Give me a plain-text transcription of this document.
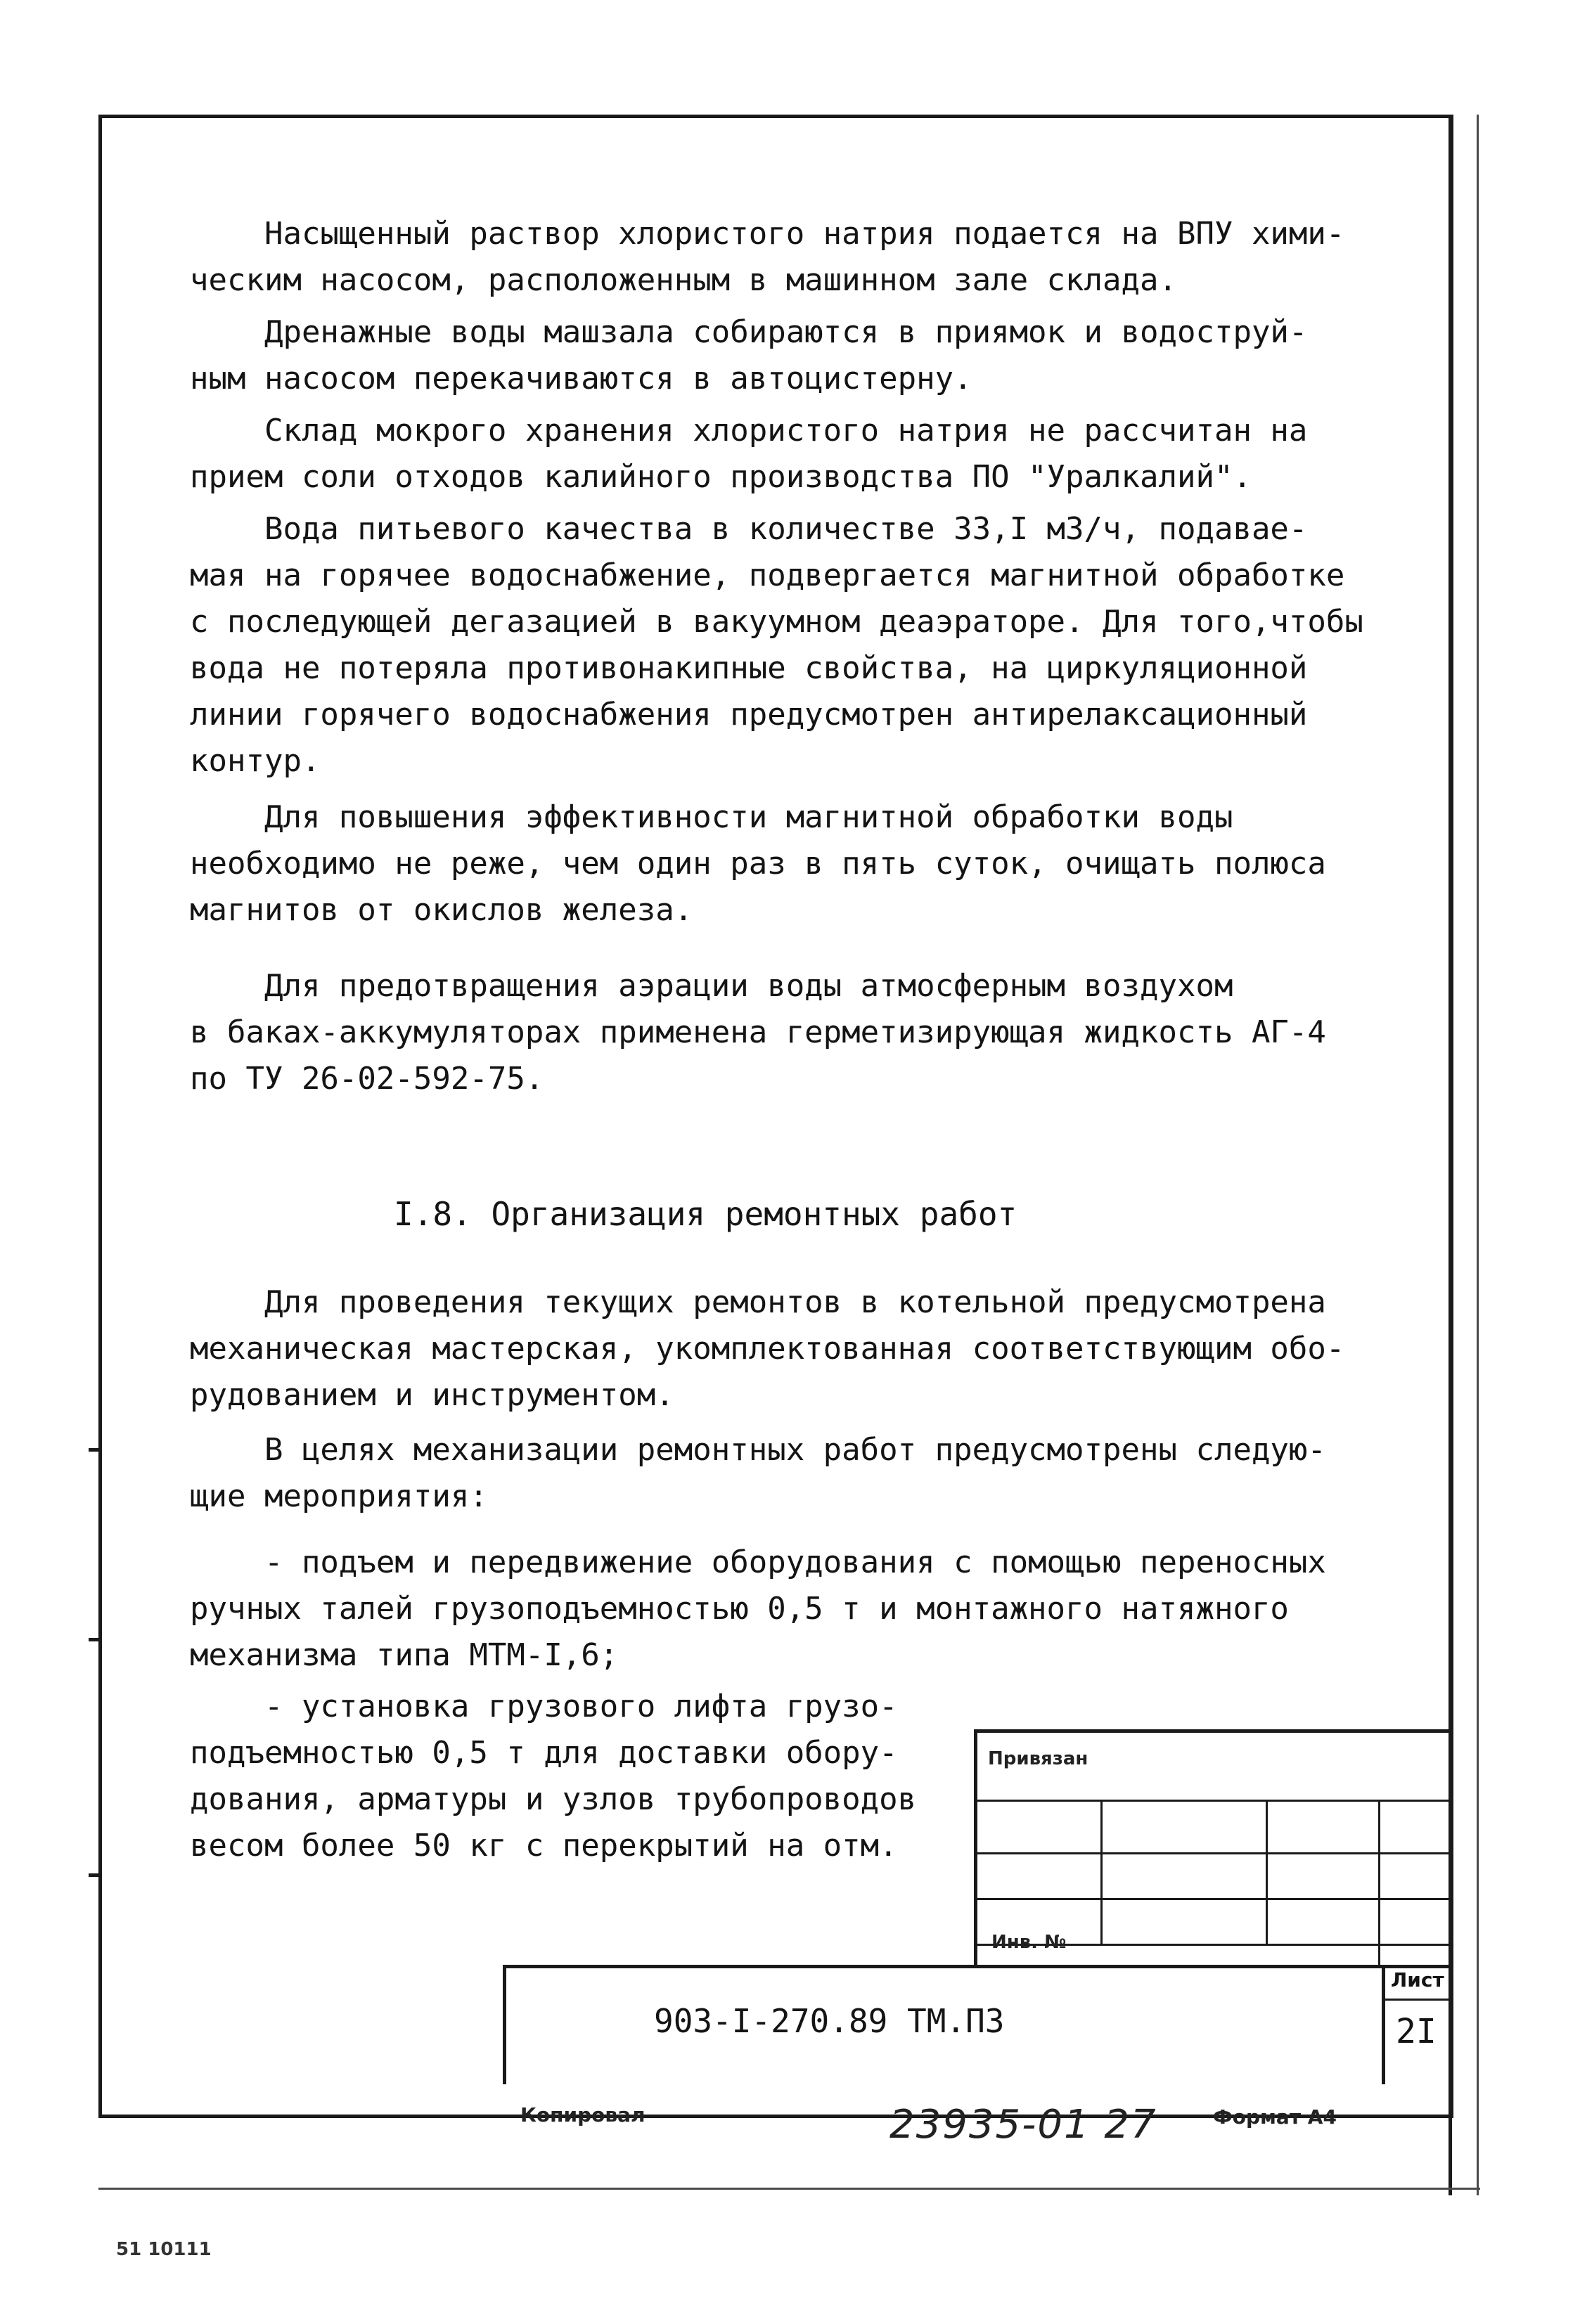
Насыщенный раствор хлористого натрия подается на ВПУ хими-
ческим насосом, расположенным в машинном зале склада.

Дренажные воды машзала собираются в приямок и водоструй-
ным насосом перекачиваются в автоцистерну.

Склад мокрого хранения хлористого натрия не рассчитан на
прием соли отходов калийного производства ПО "Уралкалий".

Вода питьевого качества в количестве 33,I м3/ч, подавае-
мая на горячее водоснабжение, подвергается магнитной обработке
с последующей дегазацией в вакуумном деаэраторе. Для того,чтобы
вода не потеряла противонакипные свойства, на циркуляционной
линии горячего водоснабжения предусмотрен антирелаксационный
контур.

Для повышения эффективности магнитной обработки воды
необходимо не реже, чем один раз в пять суток, очищать полюса
магнитов от окислов железа.

Для предотвращения аэрации воды атмосферным воздухом
в баках-аккумуляторах применена герметизирующая жидкость АГ-4
по ТУ 26-02-592-75.

I.8. Организация ремонтных работ

Для проведения текущих ремонтов в котельной предусмотрена
механическая мастерская, укомплектованная соответствующим обо-
рудованием и инструментом.

В целях механизации ремонтных работ предусмотрены следую-
щие мероприятия:

- подъем и передвижение оборудования с помощью переносных
ручных талей грузоподъемностью 0,5 т и монтажного натяжного
механизма типа МТМ-I,6;

- установка грузового лифта грузо-
подъемностью 0,5 т для доставки обору-
дования, арматуры и узлов трубопроводов
весом более 50 кг с перекрытий на отм.

Привязан
Инв. №
903-I-270.89 ТМ.ПЗ
Лист
2I
Копировал	23935-01 27	Формат А4
51 10111
